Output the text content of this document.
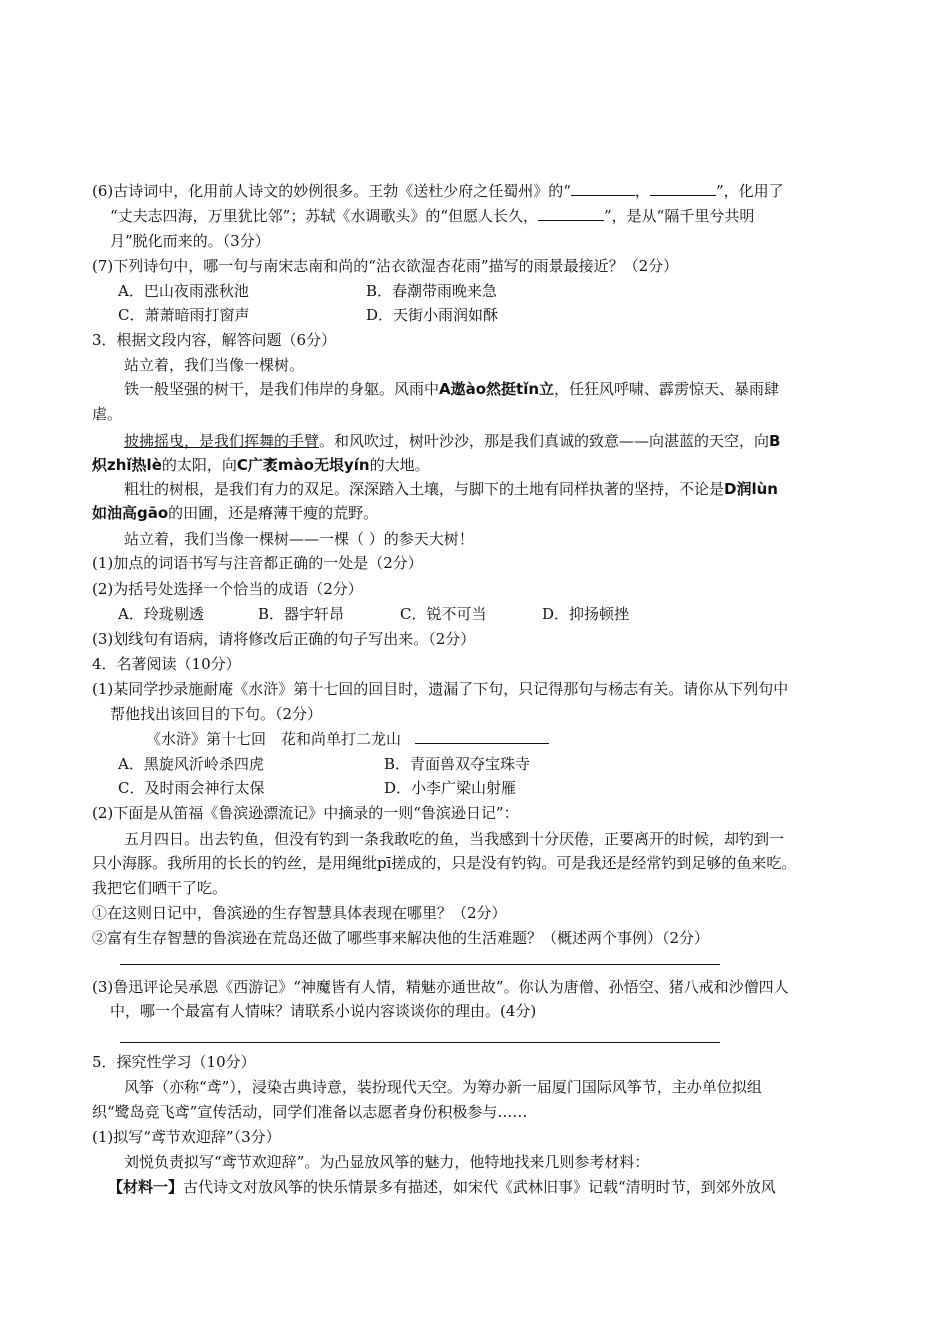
(6)古诗词中，化用前人诗文的妙例很多。王勃《送杜少府之任蜀州》的“	，	”，化用了
“丈夫志四海，万里犹比邻”；苏轼《水调歌头》的“但愿人长久，	”，是从“隔千里兮共明
月”脱化而来的。（3分）
(7)下列诗句中，哪一句与南宋志南和尚的“沾衣欲湿杏花雨”描写的雨景最接近？（2分）
A．巴山夜雨涨秋池	B．春潮带雨晚来急
C．萧萧暗雨打窗声	D．天街小雨润如酥
3．根据文段内容，解答问题（6分）
站立着，我们当像一棵树。
铁一般坚强的树干，是我们伟岸的身躯。风雨中A遨ào然挺tǐn立，任狂风呼啸、霹雳惊天、暴雨肆
虐。
披拂摇曳，是我们挥舞的手臂。和风吹过，树叶沙沙，那是我们真诚的致意——向湛蓝的天空，向B
炽zhǐ热lè的太阳，向C广袤mào无垠yín的大地。
粗壮的树根，是我们有力的双足。深深踏入土壤，与脚下的土地有同样执著的坚持，不论是D润lùn
如油高gāo的田圃，还是瘠薄干瘦的荒野。
站立着，我们当像一棵树——一棵（ ）的参天大树！
(1)加点的词语书写与注音都正确的一处是（2分）
(2)为括号处选择一个恰当的成语（2分）
A．玲珑剔透	B．器宇轩昂	C．锐不可当	D．抑扬顿挫
(3)划线句有语病，请将修改后正确的句子写出来。（2分）
4．名著阅读（10分）
(1)某同学抄录施耐庵《水浒》第十七回的回目时，遗漏了下句，只记得那句与杨志有关。请你从下列句中
帮他找出该回目的下句。（2分）
《水浒》第十七回　花和尚单打二龙山
A．黑旋风沂岭杀四虎	B．青面兽双夺宝珠寺
C．及时雨会神行太保	D．小李广梁山射雁
(2)下面是从笛福《鲁滨逊漂流记》中摘录的一则“鲁滨逊日记”：
五月四日。出去钓鱼，但没有钓到一条我敢吃的鱼，当我感到十分厌倦，正要离开的时候，却钓到一
只小海豚。我所用的长长的钓丝，是用绳纰pī搓成的，只是没有钓钩。可是我还是经常钓到足够的鱼来吃。
我把它们晒干了吃。
①在这则日记中，鲁滨逊的生存智慧具体表现在哪里？（2分）
②富有生存智慧的鲁滨逊在荒岛还做了哪些事来解决他的生活难题？（概述两个事例）（2分）
(3)鲁迅评论吴承恩《西游记》“神魔皆有人情，精魅亦通世故”。你认为唐僧、孙悟空、猪八戒和沙僧四人
中，哪一个最富有人情味？请联系小说内容谈谈你的理由。(4分)
5．探究性学习（10分）
风筝（亦称“鸢”），浸染古典诗意，装扮现代天空。为筹办新一届厦门国际风筝节，主办单位拟组
织“鹭岛竞飞鸢”宣传活动，同学们准备以志愿者身份积极参与……
(1)拟写“鸢节欢迎辞”（3分）
刘悦负责拟写“鸢节欢迎辞”。为凸显放风筝的魅力，他特地找来几则参考材料：
【材料一】古代诗文对放风筝的快乐情景多有描述，如宋代《武林旧事》记载“清明时节，到郊外放风
